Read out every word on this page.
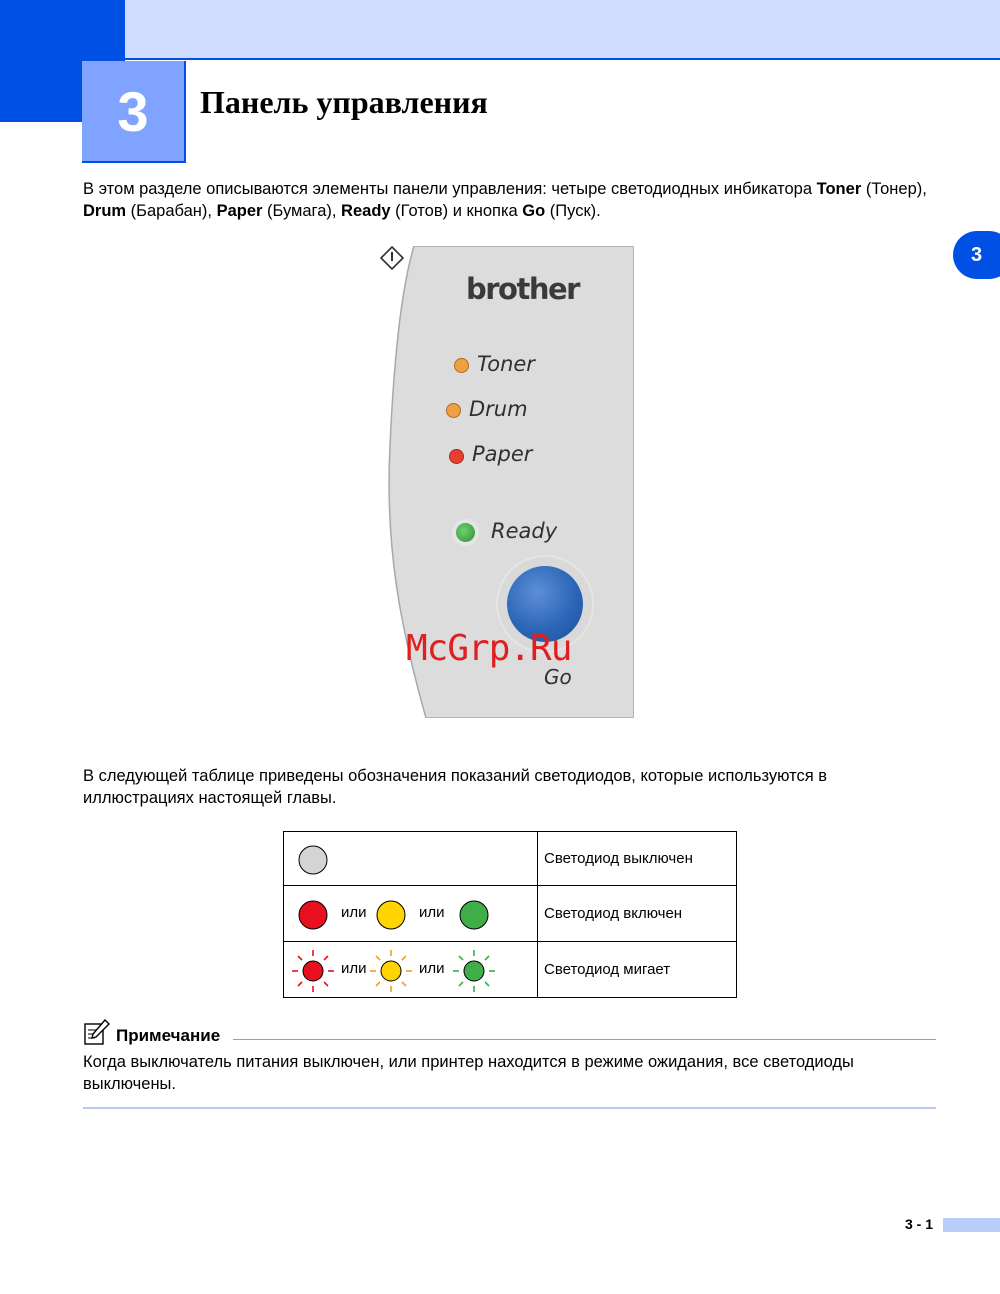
3 Панель управления
3

В этом разделе описываются элементы панели управления: четыре светодиодных инбикатора Toner (Тонер), Drum (Барабан), Paper (Бумага), Ready (Готов) и кнопка Go (Пуск).

brother
Toner
Drum
Paper
Ready
Go
McGrp.Ru

В следующей таблице приведены обозначения показаний светодиодов, которые используются в иллюстрациях настоящей главы.

	Светодиод выключен

или или	Светодиод включен

или или	Светодиод мигает
Примечание

Когда выключатель питания выключен, или принтер находится в режиме ожидания, все светодиоды выключены.

3 - 1
